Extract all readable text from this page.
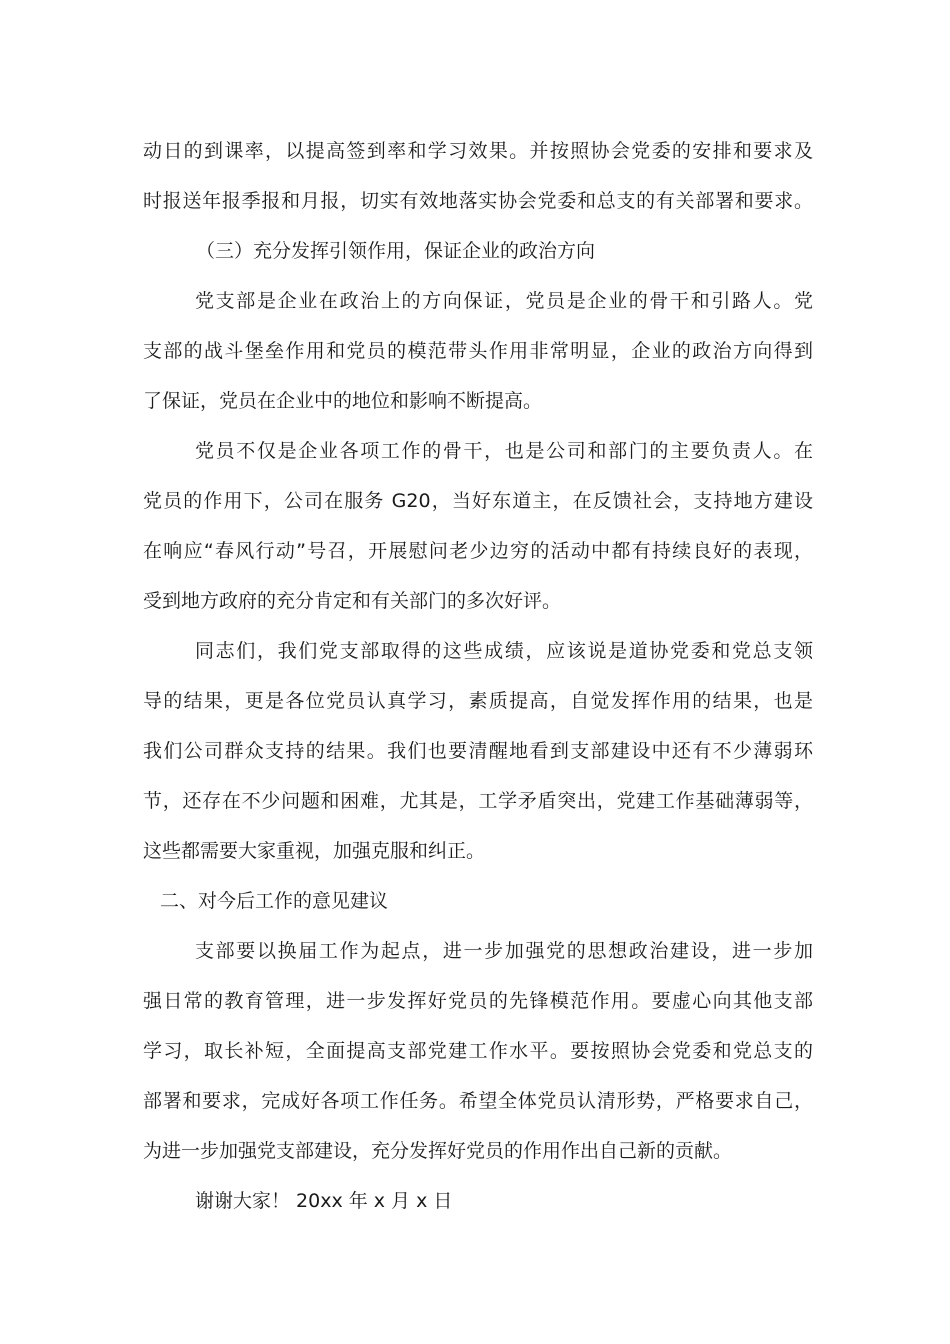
动日的到课率，以提高签到率和学习效果。并按照协会党委的安排和要求及
时报送年报季报和月报，切实有效地落实协会党委和总支的有关部署和要求。
（三）充分发挥引领作用，保证企业的政治方向
党支部是企业在政治上的方向保证，党员是企业的骨干和引路人。党
支部的战斗堡垒作用和党员的模范带头作用非常明显，企业的政治方向得到
了保证，党员在企业中的地位和影响不断提高。
党员不仅是企业各项工作的骨干，也是公司和部门的主要负责人。在
党员的作用下，公司在服务 G20，当好东道主，在反馈社会，支持地方建设
在响应“春风行动”号召，开展慰问老少边穷的活动中都有持续良好的表现，
受到地方政府的充分肯定和有关部门的多次好评。
同志们，我们党支部取得的这些成绩，应该说是道协党委和党总支领
导的结果，更是各位党员认真学习，素质提高，自觉发挥作用的结果，也是
我们公司群众支持的结果。我们也要清醒地看到支部建设中还有不少薄弱环
节，还存在不少问题和困难，尤其是，工学矛盾突出，党建工作基础薄弱等，
这些都需要大家重视，加强克服和纠正。
二、对今后工作的意见建议
支部要以换届工作为起点，进一步加强党的思想政治建设，进一步加
强日常的教育管理，进一步发挥好党员的先锋模范作用。要虚心向其他支部
学习，取长补短，全面提高支部党建工作水平。要按照协会党委和党总支的
部署和要求，完成好各项工作任务。希望全体党员认清形势，严格要求自己，
为进一步加强党支部建设，充分发挥好党员的作用作出自己新的贡献。
谢谢大家！ 20xx 年 x 月 x 日
